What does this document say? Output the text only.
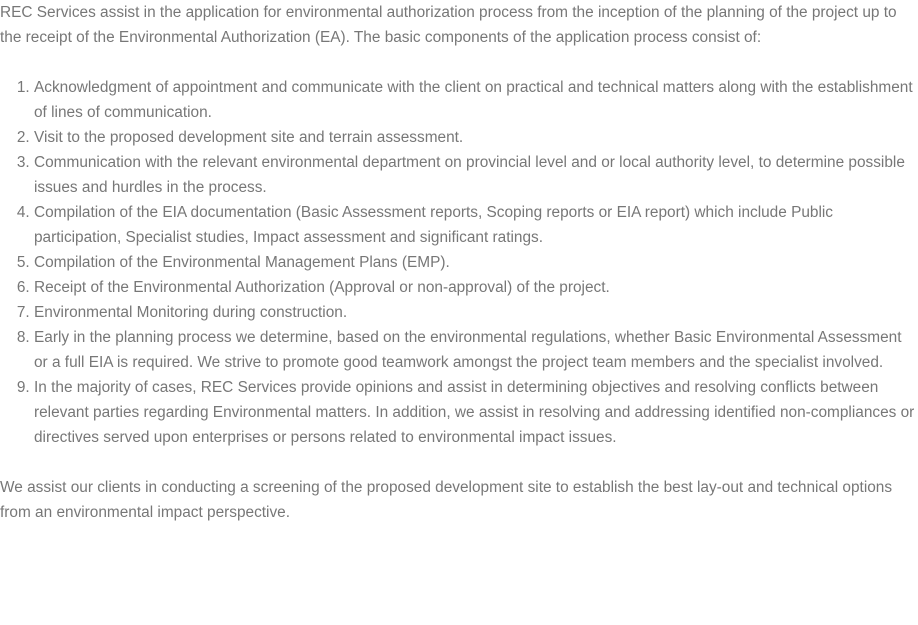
REC Services assist in the application for environmental authorization process from the inception of the planning of the project up to the receipt of the Environmental Authorization (EA). The basic components of the application process consist of:

1. Acknowledgment of appointment and communicate with the client on practical and technical matters along with the establishment of lines of communication.
2. Visit to the proposed development site and terrain assessment.
3. Communication with the relevant environmental department on provincial level and or local authority level, to determine possible issues and hurdles in the process.
4. Compilation of the EIA documentation (Basic Assessment reports, Scoping reports or EIA report) which include Public participation, Specialist studies, Impact assessment and significant ratings.
5. Compilation of the Environmental Management Plans (EMP).
6. Receipt of the Environmental Authorization (Approval or non-approval) of the project.
7. Environmental Monitoring during construction.
8. Early in the planning process we determine, based on the environmental regulations, whether Basic Environmental Assessment or a full EIA is required. We strive to promote good teamwork amongst the project team members and the specialist involved.
9. In the majority of cases, REC Services provide opinions and assist in determining objectives and resolving conflicts between relevant parties regarding Environmental matters. In addition, we assist in resolving and addressing identified non-compliances or directives served upon enterprises or persons related to environmental impact issues.

We assist our clients in conducting a screening of the proposed development site to establish the best lay-out and technical options from an environmental impact perspective.
